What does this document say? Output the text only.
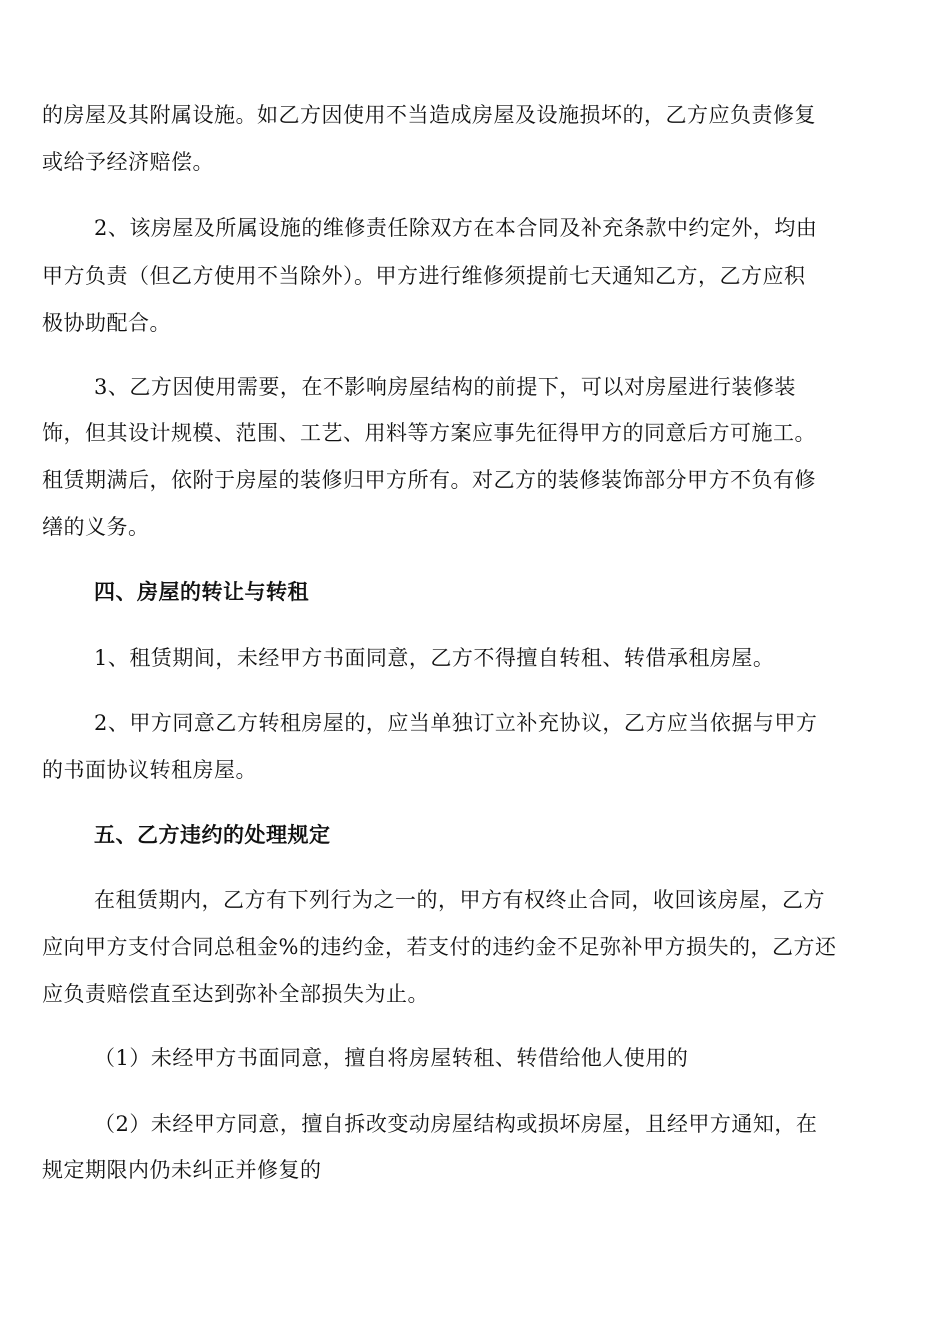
的房屋及其附属设施。如乙方因使用不当造成房屋及设施损坏的，乙方应负责修复
或给予经济赔偿。
2、该房屋及所属设施的维修责任除双方在本合同及补充条款中约定外，均由
甲方负责（但乙方使用不当除外）。甲方进行维修须提前七天通知乙方，乙方应积
极协助配合。
3、乙方因使用需要，在不影响房屋结构的前提下，可以对房屋进行装修装
饰，但其设计规模、范围、工艺、用料等方案应事先征得甲方的同意后方可施工。
租赁期满后，依附于房屋的装修归甲方所有。对乙方的装修装饰部分甲方不负有修
缮的义务。
四、房屋的转让与转租
1、租赁期间，未经甲方书面同意，乙方不得擅自转租、转借承租房屋。
2、甲方同意乙方转租房屋的，应当单独订立补充协议，乙方应当依据与甲方
的书面协议转租房屋。
五、乙方违约的处理规定
在租赁期内，乙方有下列行为之一的，甲方有权终止合同，收回该房屋，乙方
应向甲方支付合同总租金%的违约金，若支付的违约金不足弥补甲方损失的，乙方还
应负责赔偿直至达到弥补全部损失为止。
（1）未经甲方书面同意，擅自将房屋转租、转借给他人使用的
（2）未经甲方同意，擅自拆改变动房屋结构或损坏房屋，且经甲方通知，在
规定期限内仍未纠正并修复的
